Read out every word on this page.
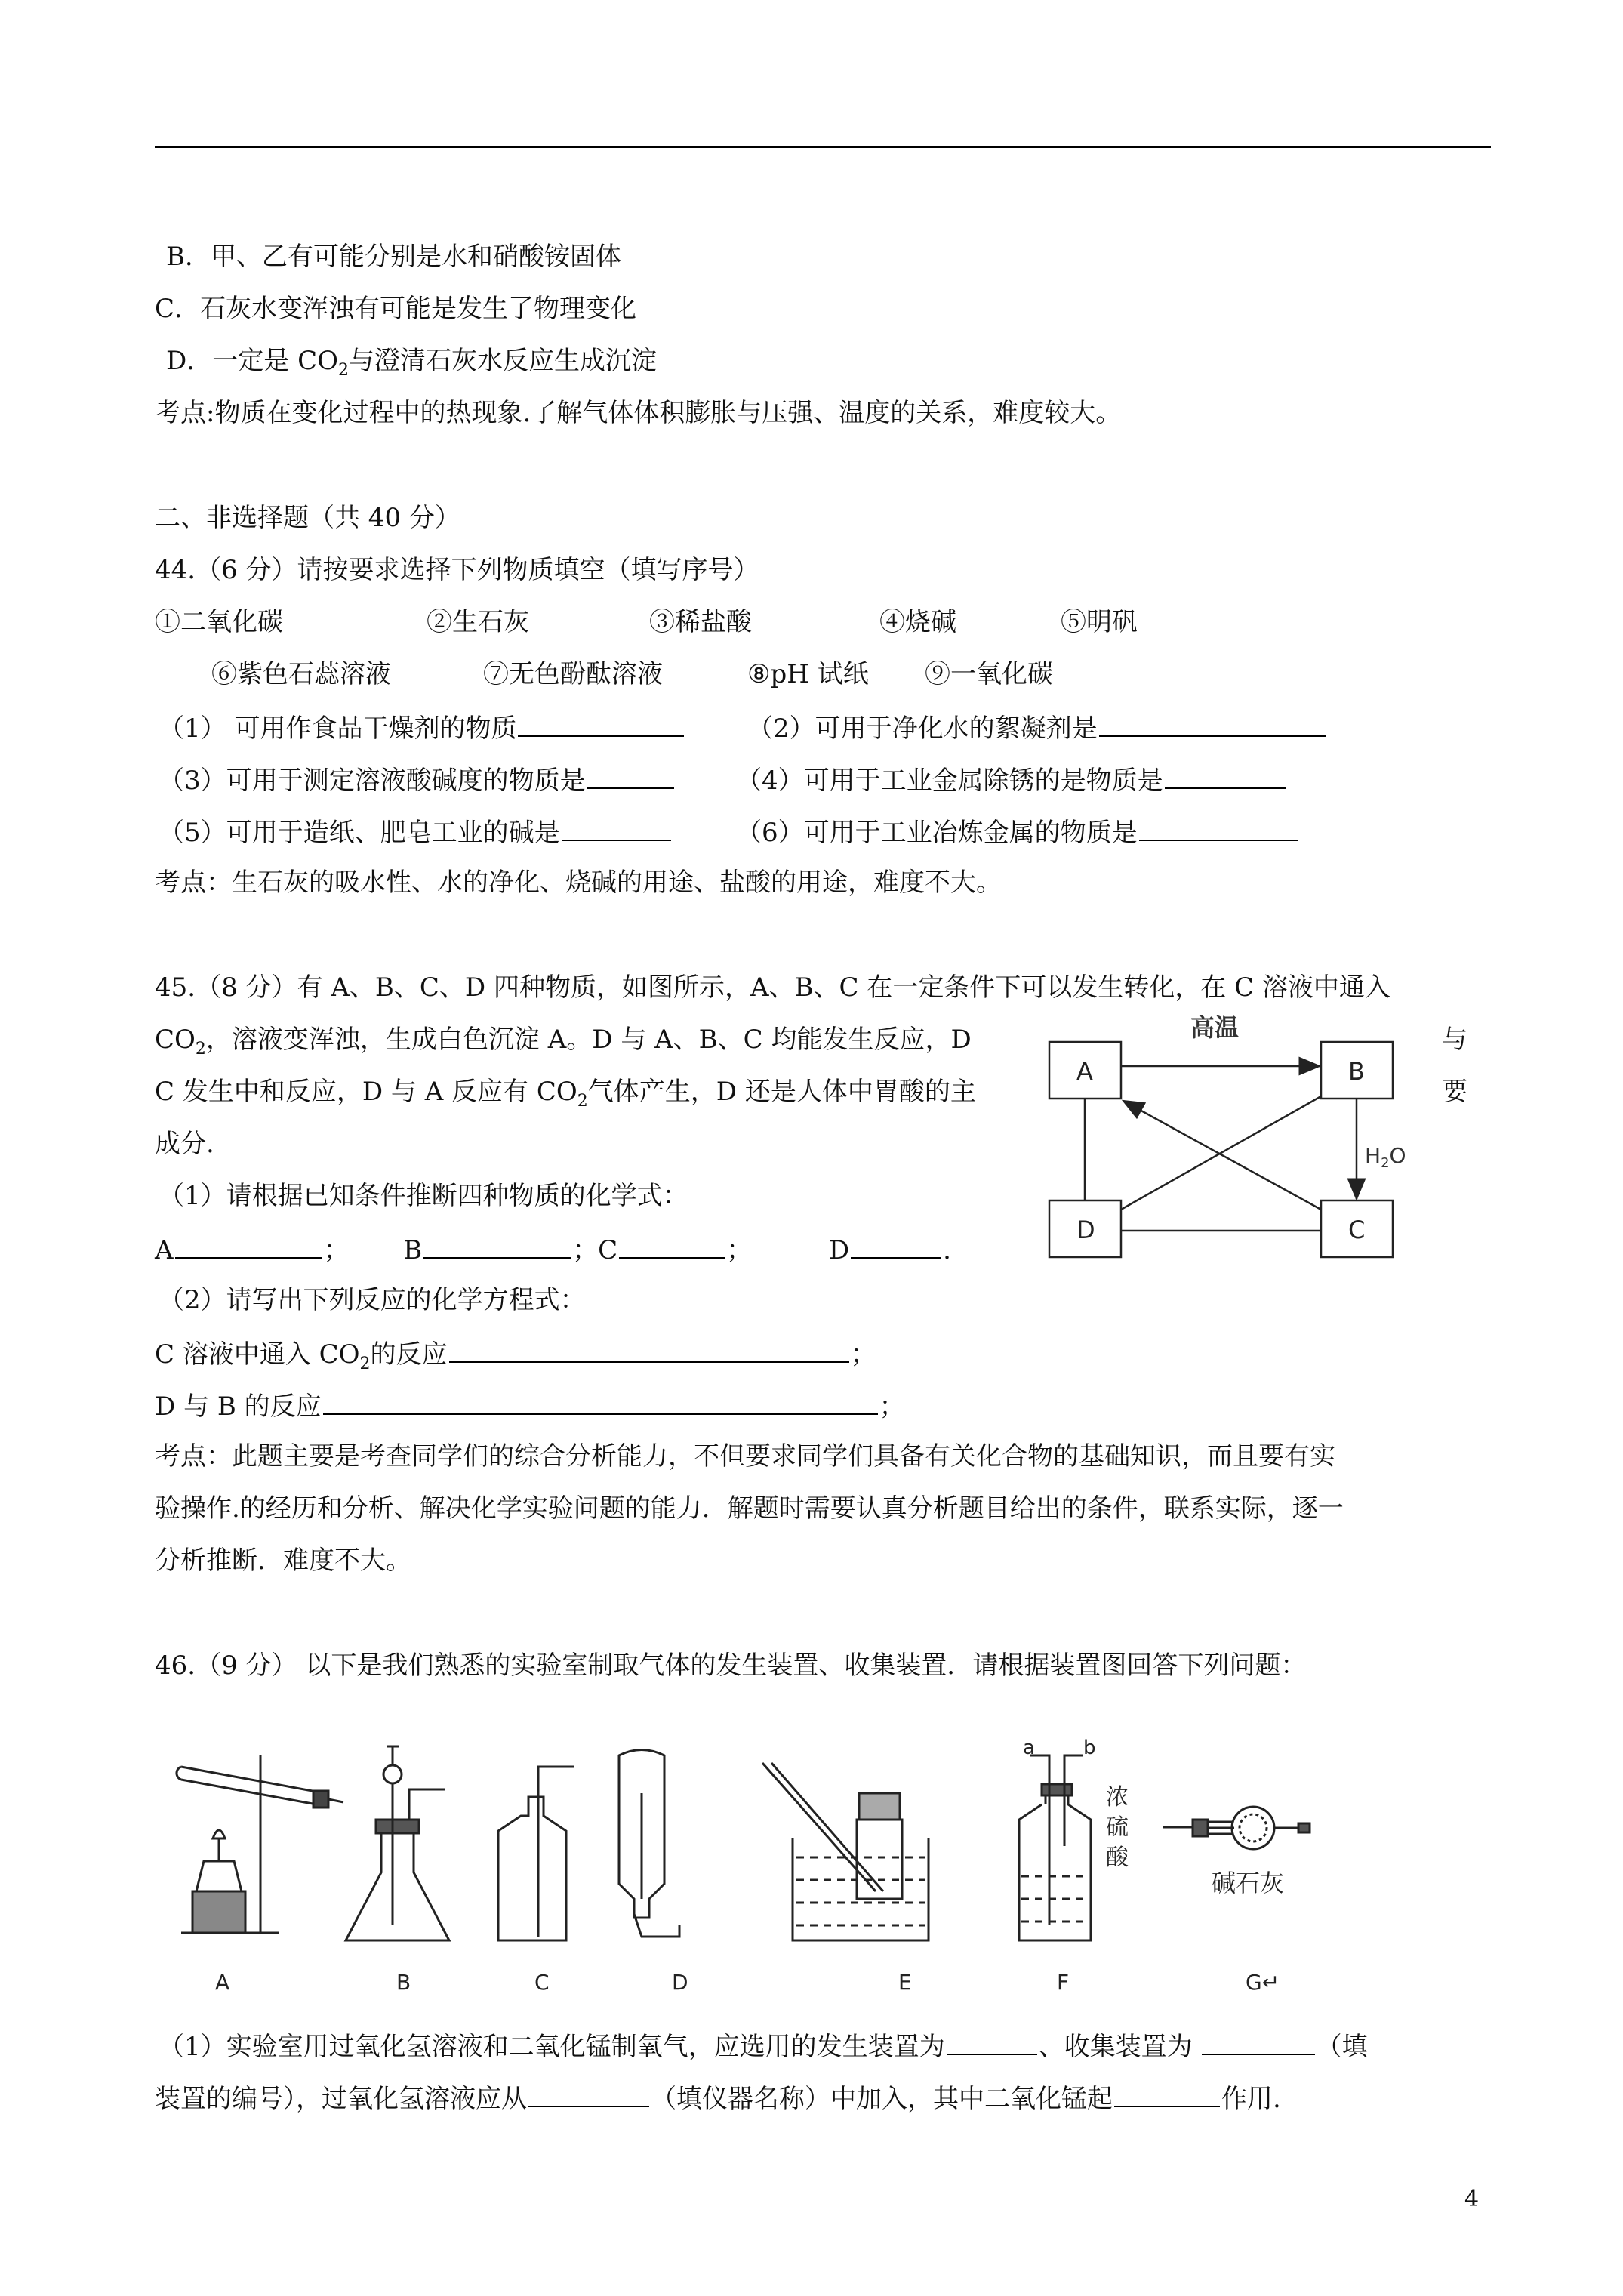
B．甲、乙有可能分别是水和硝酸铵固体
C．石灰水变浑浊有可能是发生了物理变化
D．一定是 $CO_2$与澄清石灰水反应生成沉淀
考点:物质在变化过程中的热现象.了解气体体积膨胀与压强、温度的关系，难度较大。
二、非选择题（共 40 分）
44.（6 分）请按要求选择下列物质填空（填写序号）
①二氧化碳	②生石灰	③稀盐酸	④烧碱	⑤明矾
⑥紫色石蕊溶液	⑦无色酚酞溶液	⑧pH 试纸 ⑨一氧化碳
（1） 可用作食品干燥剂的物质	（2）可用于净化水的絮凝剂是
（3）可用于测定溶液酸碱度的物质是	（4）可用于工业金属除锈的是物质是
（5）可用于造纸、肥皂工业的碱是	（6）可用于工业冶炼金属的物质是
考点：生石灰的吸水性、水的净化、烧碱的用途、盐酸的用途，难度不大。
45.（8 分）有 A、B、C、D 四种物质，如图所示，A、B、C 在一定条件下可以发生转化，在 C 溶液中通入
$CO_2$，溶液变浑浊，生成白色沉淀 A。D 与 A、B、C 均能发生反应，D	与
C 发生中和反应，D 与 A 反应有 $CO_2$气体产生，D 还是人体中胃酸的主	要
成分.
（1）请根据已知条件推断四种物质的化学式：
A	； B	；C	；	D	.
（2）请写出下列反应的化学方程式：
C 溶液中通入 $CO_2$的反应	；
D 与 B 的反应	；
考点：此题主要是考查同学们的综合分析能力，不但要求同学们具备有关化合物的基础知识，而且要有实
验操作.的经历和分析、解决化学实验问题的能力．解题时需要认真分析题目给出的条件，联系实际，逐一
分析推断．难度不大。
A	B
C
D
高温
$H_2O$
46.（9 分） 以下是我们熟悉的实验室制取气体的发生装置、收集装置．请根据装置图回答下列问题：
a b
浓硫酸
碱石灰
A	B	C	D	E	F	G↵
（1）实验室用过氧化氢溶液和二氧化锰制氧气，应选用的发生装置为	、收集装置为	（填
装置的编号），过氧化氢溶液应从	（填仪器名称）中加入，其中二氧化锰起	作用.
4
